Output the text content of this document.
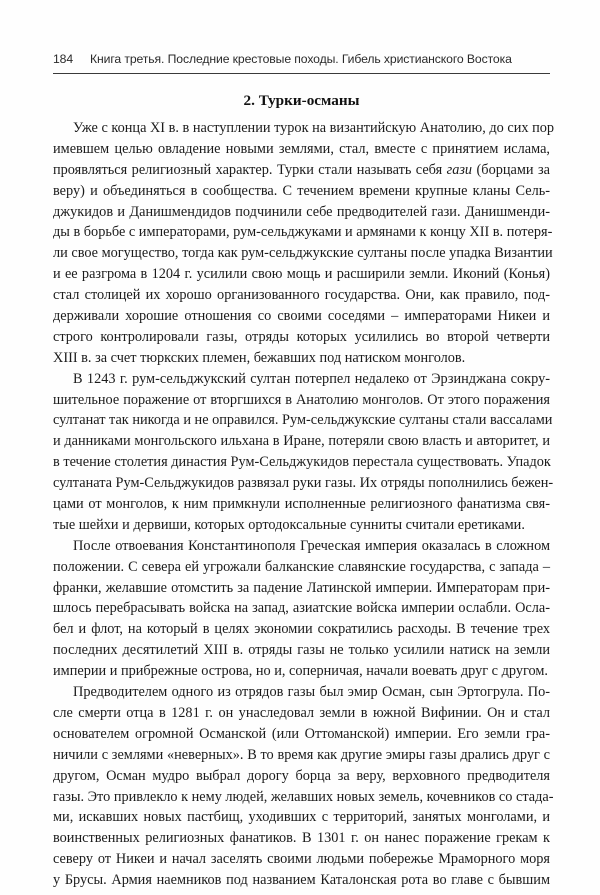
184	Книга третья. Последние крестовые походы. Гибель христианского Востока
2. Турки-османы
Уже с конца XI в. в наступлении турок на византийскую Анатолию, до сих пор
имевшем целью овладение новыми землями, стал, вместе с принятием ислама,
проявляться религиозный характер. Турки стали называть себя гази (борцами за
веру) и объединяться в сообщества. С течением времени крупные кланы Сель-
джукидов и Данишмендидов подчинили себе предводителей гази. Данишменди-
ды в борьбе с императорами, рум-сельджуками и армянами к концу XII в. потеря-
ли свое могущество, тогда как рум-сельджукские султаны после упадка Византии
и ее разгрома в 1204 г. усилили свою мощь и расширили земли. Иконий (Конья)
стал столицей их хорошо организованного государства. Они, как правило, под-
держивали хорошие отношения со своими соседями – императорами Никеи и
строго контролировали газы, отряды которых усилились во второй четверти
XIII в. за счет тюркских племен, бежавших под натиском монголов.
В 1243 г. рум-сельджукский султан потерпел недалеко от Эрзинджана сокру-
шительное поражение от вторгшихся в Анатолию монголов. От этого поражения
султанат так никогда и не оправился. Рум-сельджукские султаны стали вассалами
и данниками монгольского ильхана в Иране, потеряли свою власть и авторитет, и
в течение столетия династия Рум-Сельджукидов перестала существовать. Упадок
султаната Рум-Сельджукидов развязал руки газы. Их отряды пополнились бежен-
цами от монголов, к ним примкнули исполненные религиозного фанатизма свя-
тые шейхи и дервиши, которых ортодоксальные сунниты считали еретиками.
После отвоевания Константинополя Греческая империя оказалась в сложном
положении. С севера ей угрожали балканские славянские государства, с запада –
франки, желавшие отомстить за падение Латинской империи. Императорам при-
шлось перебрасывать войска на запад, азиатские войска империи ослабли. Осла-
бел и флот, на который в целях экономии сократились расходы. В течение трех
последних десятилетий XIII в. отряды газы не только усилили натиск на земли
империи и прибрежные острова, но и, соперничая, начали воевать друг с другом.
Предводителем одного из отрядов газы был эмир Осман, сын Эртогрула. По-
сле смерти отца в 1281 г. он унаследовал земли в южной Вифинии. Он и стал
основателем огромной Османской (или Оттоманской) империи. Его земли гра-
ничили с землями «неверных». В то время как другие эмиры газы дрались друг с
другом, Осман мудро выбрал дорогу борца за веру, верховного предводителя
газы. Это привлекло к нему людей, желавших новых земель, кочевников со стада-
ми, искавших новых пастбищ, уходивших с территорий, занятых монголами, и
воинственных религиозных фанатиков. В 1301 г. он нанес поражение грекам к
северу от Никеи и начал заселять своими людьми побережье Мраморного моря
у Брусы. Армия наемников под названием Каталонская рота во главе с бывшим
